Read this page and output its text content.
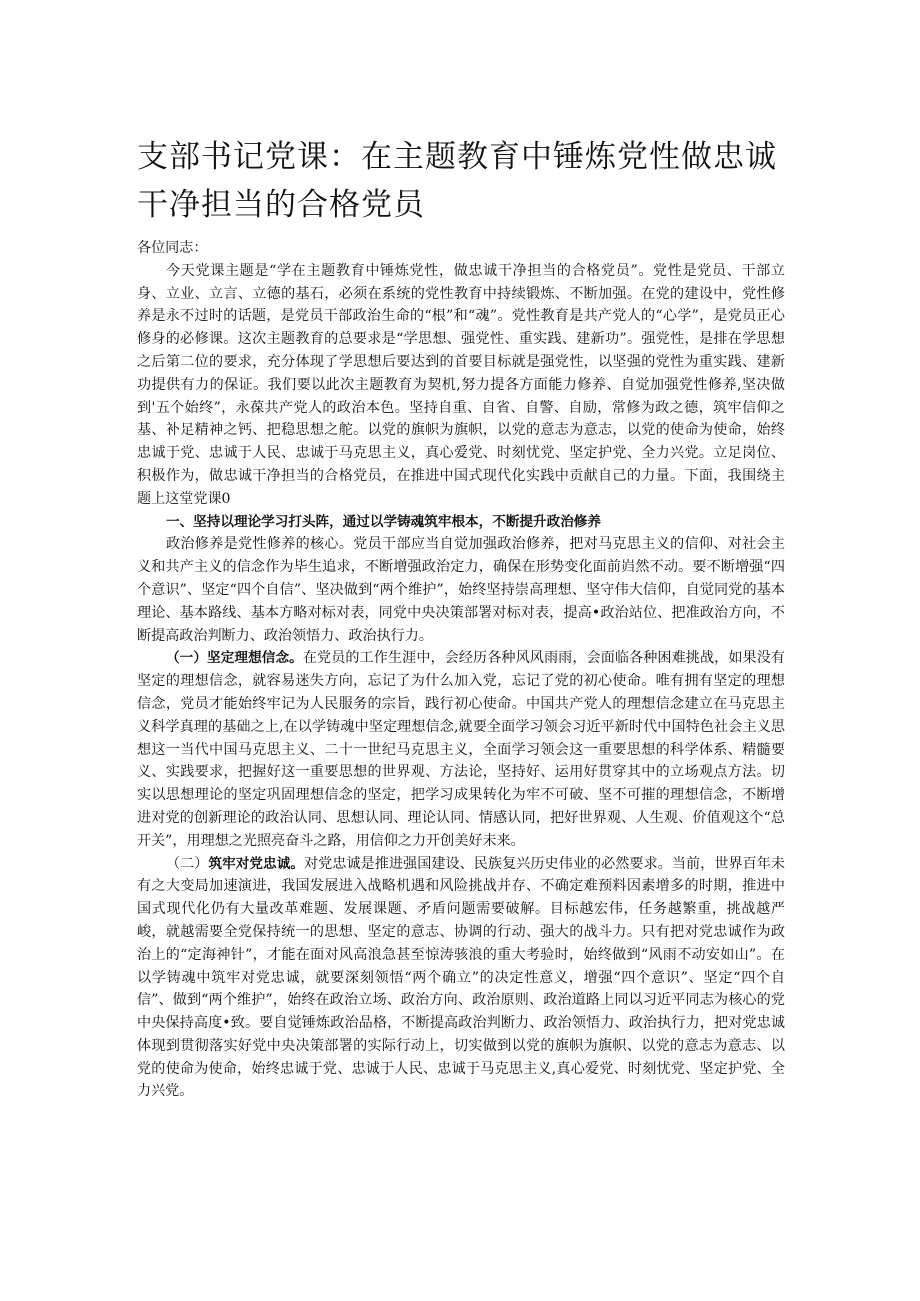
支部书记党课：在主题教育中锤炼党性做忠诚干净担当的合格党员

各位同志：

今天党课主题是“学在主题教育中锤炼党性，做忠诚干净担当的合格党员”。党性是党员、干部立身、立业、立言、立德的基石，必须在系统的党性教育中持续锻炼、不断加强。在党的建设中，党性修养是永不过时的话题，是党员干部政治生命的“根”和“魂”。党性教育是共产党人的“心学”，是党员正心修身的必修课。这次主题教育的总要求是“学思想、强党性、重实践、建新功”。强党性，是排在学思想之后第二位的要求，充分体现了学思想后要达到的首要目标就是强党性，以坚强的党性为重实践、建新功提供有力的保证。我们要以此次主题教育为契机,努力提各方面能力修养、自觉加强党性修养,坚决做到'五个始终”，永葆共产党人的政治本色。坚持自重、自省、自警、自励，常修为政之德，筑牢信仰之基、补足精神之钙、把稳思想之舵。以党的旗帜为旗帜，以党的意志为意志，以党的使命为使命，始终忠诚于党、忠诚于人民、忠诚于马克思主义，真心爱党、时刻忧党、坚定护党、全力兴党。立足岗位、积极作为，做忠诚干净担当的合格党员，在推进中国式现代化实践中贡献自己的力量。下面，我围绕主题上这堂党课0

一、坚持以理论学习打头阵，通过以学铸魂筑牢根本，不断提升政治修养

政治修养是党性修养的核心。党员干部应当自觉加强政治修养，把对马克思主义的信仰、对社会主义和共产主义的信念作为毕生追求，不断增强政治定力，确保在形势变化面前岿然不动。要不断增强“四个意识”、坚定“四个自信”、坚决做到“两个维护”，始终坚持崇高理想、坚守伟大信仰，自觉同党的基本理论、基本路线、基本方略对标对表，同党中央决策部署对标对表，提高•政治站位、把准政治方向，不断提高政治判断力、政治领悟力、政治执行力。

（一）坚定理想信念。在党员的工作生涯中，会经历各种风风雨雨，会面临各种困难挑战，如果没有坚定的理想信念，就容易迷失方向，忘记了为什么加入党，忘记了党的初心使命。唯有拥有坚定的理想信念，党员才能始终牢记为人民服务的宗旨，践行初心使命。中国共产党人的理想信念建立在马克思主义科学真理的基础之上,在以学铸魂中坚定理想信念,就要全面学习领会习近平新时代中国特色社会主义思想这一当代中国马克思主义、二十一世纪马克思主义，全面学习领会这一重要思想的科学体系、精髓要义、实践要求，把握好这一重要思想的世界观、方法论，坚持好、运用好贯穿其中的立场观点方法。切实以思想理论的坚定巩固理想信念的坚定，把学习成果转化为牢不可破、坚不可摧的理想信念，不断增进对党的创新理论的政治认同、思想认同、理论认同、情感认同，把好世界观、人生观、价值观这个“总开关”，用理想之光照亮奋斗之路，用信仰之力开创美好未来。

（二）筑牢对党忠诚。对党忠诚是推进强国建设、民族复兴历史伟业的必然要求。当前，世界百年未有之大变局加速演进，我国发展进入战略机遇和风险挑战并存、不确定难预料因素增多的时期，推进中国式现代化仍有大量改革难题、发展课题、矛盾问题需要破解。目标越宏伟，任务越繁重，挑战越严峻，就越需要全党保持统一的思想、坚定的意志、协调的行动、强大的战斗力。只有把对党忠诚作为政治上的“定海神针”，才能在面对风高浪急甚至惊涛骇浪的重大考验时，始终做到“风雨不动安如山”。在以学铸魂中筑牢对党忠诚，就要深刻领悟“两个确立”的决定性意义，增强“四个意识”、坚定“四个自信”、做到“两个维护”，始终在政治立场、政治方向、政治原则、政治道路上同以习近平同志为核心的党中央保持高度•致。要自觉锤炼政治品格，不断提高政治判断力、政治领悟力、政治执行力，把对党忠诚体现到贯彻落实好党中央决策部署的实际行动上，切实做到以党的旗帜为旗帜、以党的意志为意志、以党的使命为使命，始终忠诚于党、忠诚于人民、忠诚于马克思主义,真心爱党、时刻忧党、坚定护党、全力兴党。
